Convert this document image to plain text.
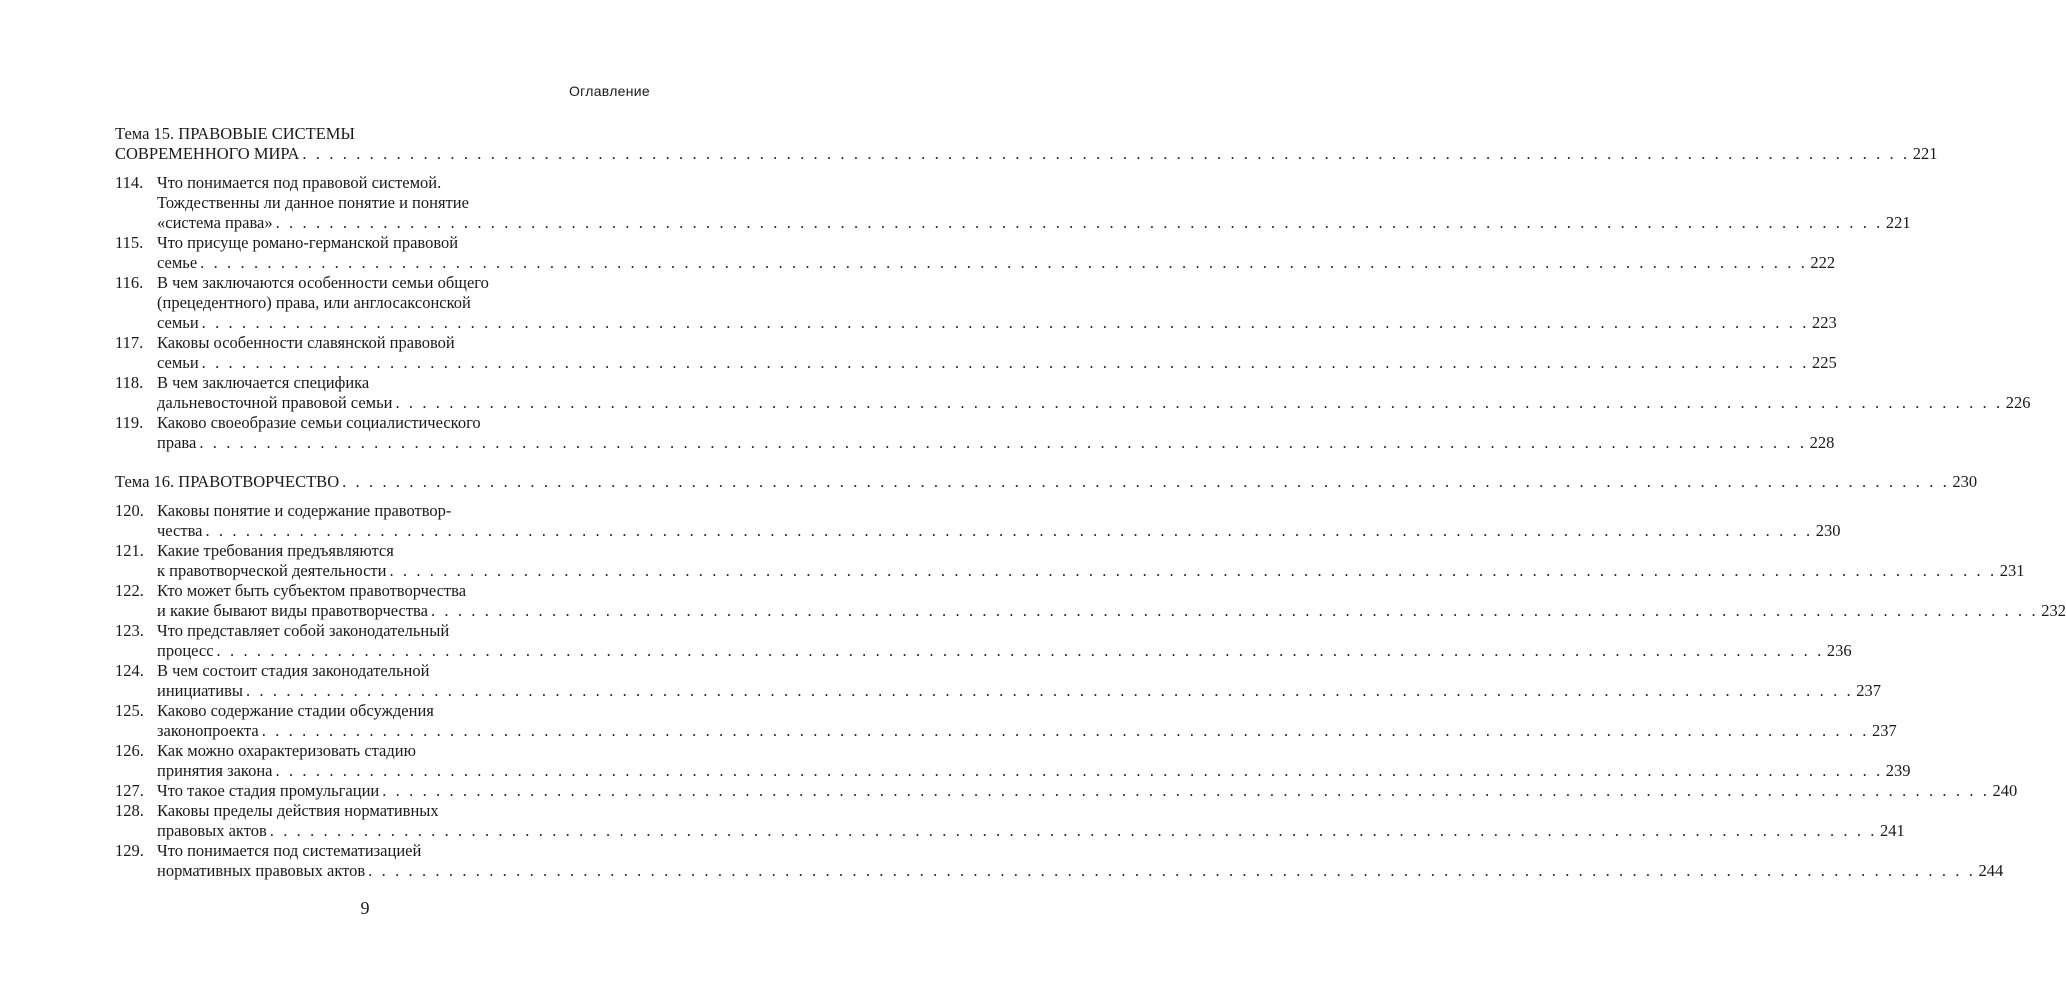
Оглавление
Тема 15. ПРАВОВЫЕ СИСТЕМЫ
СОВРЕМЕННОГО МИРА . . . . . . . . . . . . . . . . . . . . . . . . . . . . . . . . . . . . . . . . . . . . . . . . . . . . . . . . . . . . . . . . . . . . . . . . . . . . . . . . . . . . . . . . . . . . . . . . . . . . . . . . . . . . . . . . . . . . . . . . 221
114. Что понимается под правовой системой.
Тождественны ли данное понятие и понятие
«система права» . . . . . . . . . . . . . . . . . . . . . . . . . . . . . . . . . . . . . . . . . . . . . . . . . . . . . . . . . . . . . . . . . . . . . . . . . . . . . . . . . . . . . . . . . . . . . . . . . . . . . . . . . . . . . . . . . . . . . . . . 221
115. Что присуще романо-германской правовой
семье . . . . . . . . . . . . . . . . . . . . . . . . . . . . . . . . . . . . . . . . . . . . . . . . . . . . . . . . . . . . . . . . . . . . . . . . . . . . . . . . . . . . . . . . . . . . . . . . . . . . . . . . . . . . . . . . . . . . . . . . 222
116. В чем заключаются особенности семьи общего
(прецедентного) права, или англосаксонской
семьи . . . . . . . . . . . . . . . . . . . . . . . . . . . . . . . . . . . . . . . . . . . . . . . . . . . . . . . . . . . . . . . . . . . . . . . . . . . . . . . . . . . . . . . . . . . . . . . . . . . . . . . . . . . . . . . . . . . . . . . . 223
117. Каковы особенности славянской правовой
семьи . . . . . . . . . . . . . . . . . . . . . . . . . . . . . . . . . . . . . . . . . . . . . . . . . . . . . . . . . . . . . . . . . . . . . . . . . . . . . . . . . . . . . . . . . . . . . . . . . . . . . . . . . . . . . . . . . . . . . . . . 225
118. В чем заключается специфика
дальневосточной правовой семьи . . . . . . . . . . . . . . . . . . . . . . . . . . . . . . . . . . . . . . . . . . . . . . . . . . . . . . . . . . . . . . . . . . . . . . . . . . . . . . . . . . . . . . . . . . . . . . . . . . . . . . . . . . . . . . . . . . . . . . . . 226
119. Каково своеобразие семьи социалистического
права . . . . . . . . . . . . . . . . . . . . . . . . . . . . . . . . . . . . . . . . . . . . . . . . . . . . . . . . . . . . . . . . . . . . . . . . . . . . . . . . . . . . . . . . . . . . . . . . . . . . . . . . . . . . . . . . . . . . . . . . 228
Тема 16. ПРАВОТВОРЧЕСТВО . . . . . . . . . . . . . . . . . . . . . . . . . . . . . . . . . . . . . . . . . . . . . . . . . . . . . . . . . . . . . . . . . . . . . . . . . . . . . . . . . . . . . . . . . . . . . . . . . . . . . . . . . . . . . . . . . . . . . . . . 230
120. Каковы понятие и содержание правотвор-
чества . . . . . . . . . . . . . . . . . . . . . . . . . . . . . . . . . . . . . . . . . . . . . . . . . . . . . . . . . . . . . . . . . . . . . . . . . . . . . . . . . . . . . . . . . . . . . . . . . . . . . . . . . . . . . . . . . . . . . . . . 230
121. Какие требования предъявляются
к правотворческой деятельности . . . . . . . . . . . . . . . . . . . . . . . . . . . . . . . . . . . . . . . . . . . . . . . . . . . . . . . . . . . . . . . . . . . . . . . . . . . . . . . . . . . . . . . . . . . . . . . . . . . . . . . . . . . . . . . . . . . . . . . . 231
122. Кто может быть субъектом правотворчества
и какие бывают виды правотворчества . . . . . . . . . . . . . . . . . . . . . . . . . . . . . . . . . . . . . . . . . . . . . . . . . . . . . . . . . . . . . . . . . . . . . . . . . . . . . . . . . . . . . . . . . . . . . . . . . . . . . . . . . . . . . . . . . . . . . . . . 232
123. Что представляет собой законодательный
процесс . . . . . . . . . . . . . . . . . . . . . . . . . . . . . . . . . . . . . . . . . . . . . . . . . . . . . . . . . . . . . . . . . . . . . . . . . . . . . . . . . . . . . . . . . . . . . . . . . . . . . . . . . . . . . . . . . . . . . . . . 236
124. В чем состоит стадия законодательной
инициативы . . . . . . . . . . . . . . . . . . . . . . . . . . . . . . . . . . . . . . . . . . . . . . . . . . . . . . . . . . . . . . . . . . . . . . . . . . . . . . . . . . . . . . . . . . . . . . . . . . . . . . . . . . . . . . . . . . . . . . . . 237
125. Каково содержание стадии обсуждения
законопроекта . . . . . . . . . . . . . . . . . . . . . . . . . . . . . . . . . . . . . . . . . . . . . . . . . . . . . . . . . . . . . . . . . . . . . . . . . . . . . . . . . . . . . . . . . . . . . . . . . . . . . . . . . . . . . . . . . . . . . . . . 237
126. Как можно охарактеризовать стадию
принятия закона . . . . . . . . . . . . . . . . . . . . . . . . . . . . . . . . . . . . . . . . . . . . . . . . . . . . . . . . . . . . . . . . . . . . . . . . . . . . . . . . . . . . . . . . . . . . . . . . . . . . . . . . . . . . . . . . . . . . . . . . 239
127. Что такое стадия промульгации . . . . . . . . . . . . . . . . . . . . . . . . . . . . . . . . . . . . . . . . . . . . . . . . . . . . . . . . . . . . . . . . . . . . . . . . . . . . . . . . . . . . . . . . . . . . . . . . . . . . . . . . . . . . . . . . . . . . . . . . 240
128. Каковы пределы действия нормативных
правовых актов . . . . . . . . . . . . . . . . . . . . . . . . . . . . . . . . . . . . . . . . . . . . . . . . . . . . . . . . . . . . . . . . . . . . . . . . . . . . . . . . . . . . . . . . . . . . . . . . . . . . . . . . . . . . . . . . . . . . . . . . 241
129. Что понимается под систематизацией
нормативных правовых актов . . . . . . . . . . . . . . . . . . . . . . . . . . . . . . . . . . . . . . . . . . . . . . . . . . . . . . . . . . . . . . . . . . . . . . . . . . . . . . . . . . . . . . . . . . . . . . . . . . . . . . . . . . . . . . . . . . . . . . . . 244
9
